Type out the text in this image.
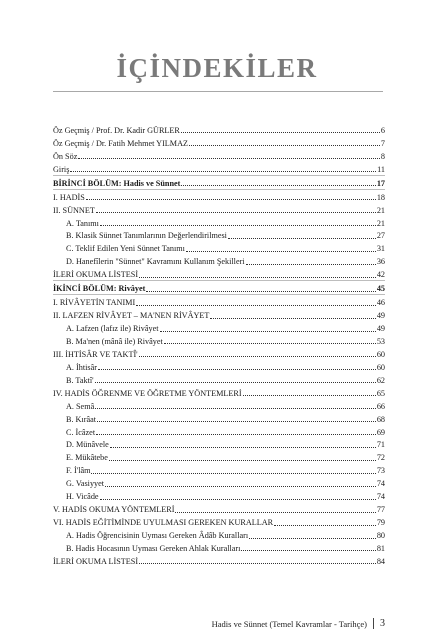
İÇİNDEKİLER
Öz Geçmiş / Prof. Dr. Kadir GÜRLER	6
Öz Geçmiş / Dr. Fatih Mehmet YILMAZ	7
Ön Söz	8
Giriş	11
BİRİNCİ BÖLÜM: Hadis ve Sünnet	17
I. HADİS	18
II. SÜNNET	21
A. Tanımı	21
B. Klasik Sünnet Tanımlarının Değerlendirilmesi	27
C. Teklif Edilen Yeni Sünnet Tanımı	31
D. Hanefîlerin "Sünnet" Kavramını Kullanım Şekilleri	36
İLERİ OKUMA LİSTESİ	42
İKİNCİ BÖLÜM: Rivâyet	45
I. RİVÂYETİN TANIMI	46
II. LAFZEN RİVÂYET – MA'NEN RİVÂYET	49
A. Lafzen (lafız ile) Rivâyet	49
B. Ma'nen (mânâ ile) Rivâyet	53
III. İHTİSÂR VE TAKTÎ'	60
A. İhtisâr	60
B. Taktî'	62
IV. HADİS ÖĞRENME VE ÖĞRETME YÖNTEMLERİ	65
A. Semâ	66
B. Kırâat	68
C. İcâzet	69
D. Münâvele	71
E. Mükâtebe	72
F. İ'lâm	73
G. Vasiyyet	74
H. Vicâde	74
V. HADİS OKUMA YÖNTEMLERİ	77
VI. HADİS EĞİTİMİNDE UYULMASI GEREKEN KURALLAR	79
A. Hadis Öğrencisinin Uyması Gereken Âdâb Kuralları	80
B. Hadis Hocasının Uyması Gereken Ahlak Kuralları	81
İLERİ OKUMA LİSTESİ	84
Hadis ve Sünnet (Temel Kavramlar - Tarihçe) 3
